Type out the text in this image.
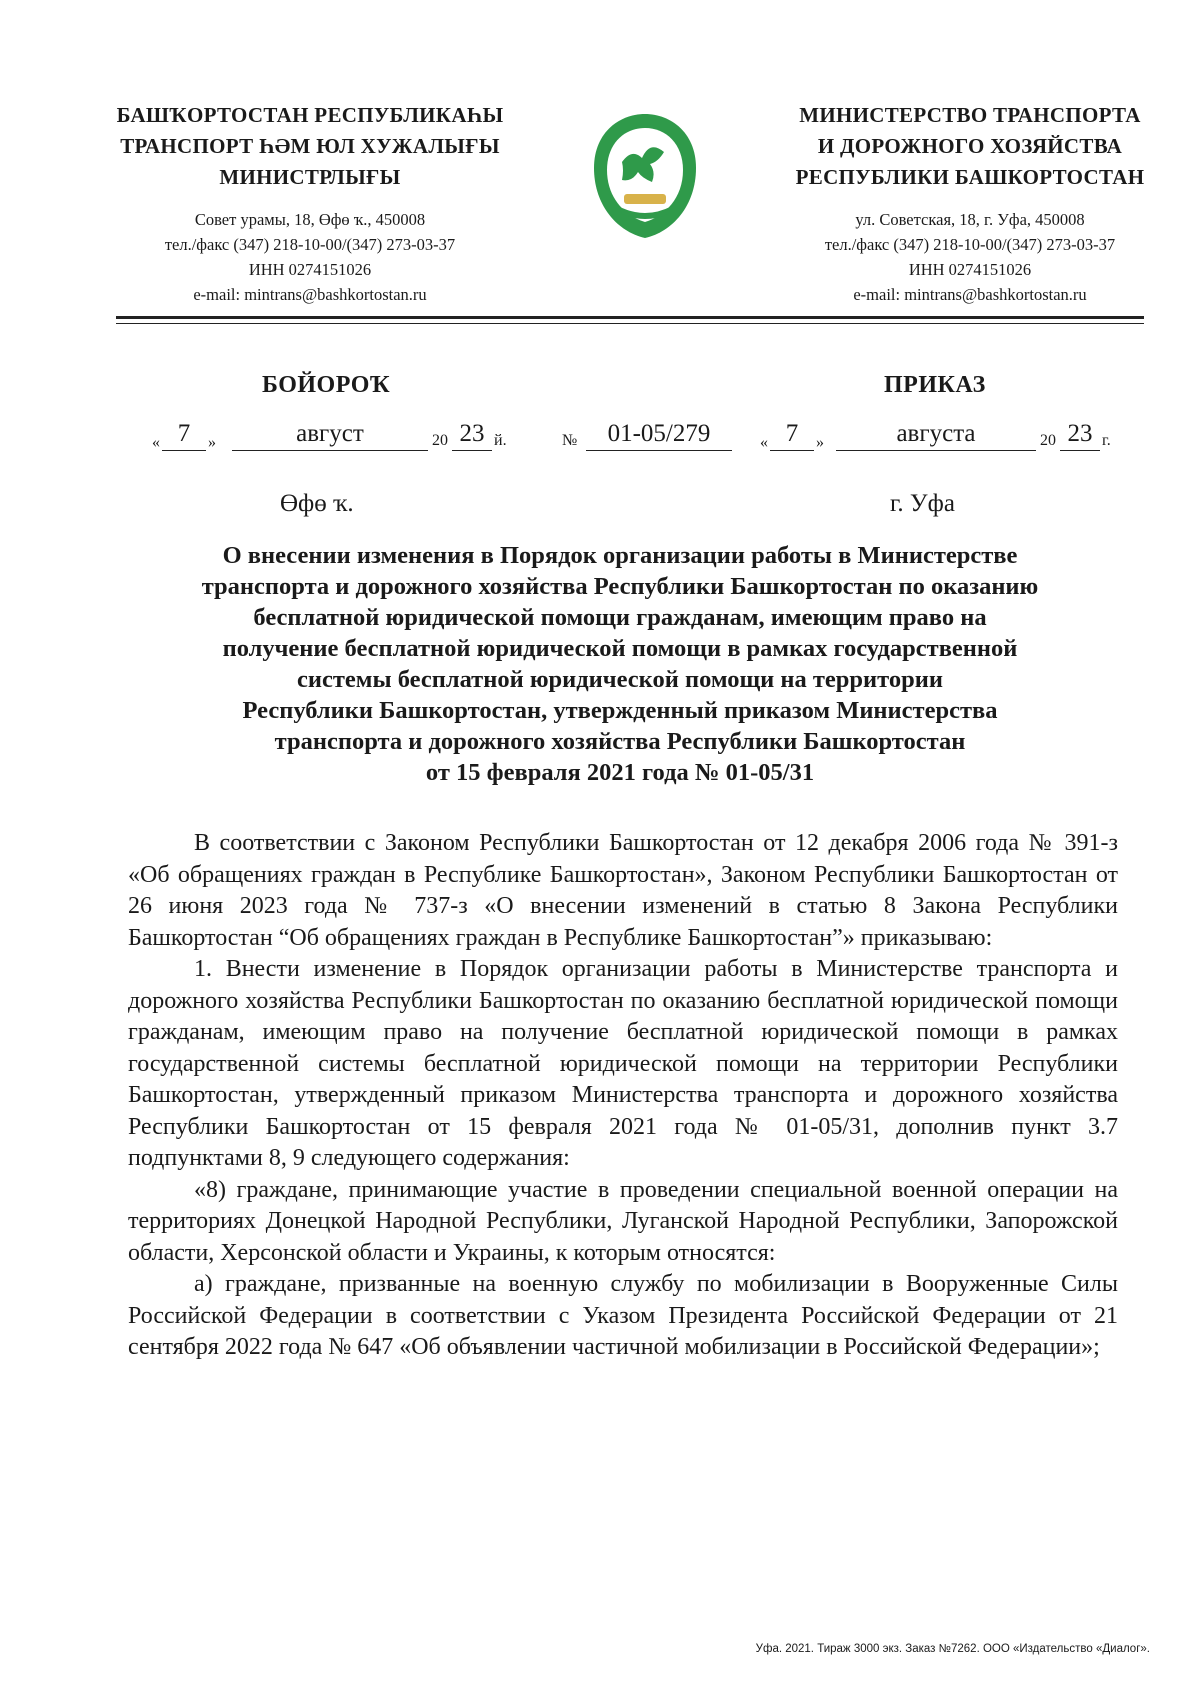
БАШҠОРТОСТАН РЕСПУБЛИКАҺЫ
ТРАНСПОРТ ҺӘМ ЮЛ ХУЖАЛЫҒЫ
МИНИСТРЛЫҒЫ
Совет урамы, 18, Өфө ҡ., 450008
тел./факс (347) 218-10-00/(347) 273-03-37
ИНН 0274151026
e-mail: mintrans@bashkortostan.ru
МИНИСТЕРСТВО ТРАНСПОРТА
И ДОРОЖНОГО ХОЗЯЙСТВА
РЕСПУБЛИКИ БАШКОРТОСТАН
ул. Советская, 18, г. Уфа, 450008
тел./факс (347) 218-10-00/(347) 273-03-37
ИНН 0274151026
e-mail: mintrans@bashkortostan.ru
БОЙОРОҠ	ПРИКАЗ
« 7	»	август	20 23 й.	№	01-05/279	« 7	»	августа	20 23 г.
Өфө ҡ.	г. Уфа
О внесении изменения в Порядок организации работы в Министерстве
транспорта и дорожного хозяйства Республики Башкортостан по оказанию
бесплатной юридической помощи гражданам, имеющим право на
получение бесплатной юридической помощи в рамках государственной
системы бесплатной юридической помощи на территории
Республики Башкортостан, утвержденный приказом Министерства
транспорта и дорожного хозяйства Республики Башкортостан
от 15 февраля 2021 года № 01-05/31

В соответствии с Законом Республики Башкортостан от 12 декабря 2006 года № 391-з «Об обращениях граждан в Республике Башкортостан», Законом Республики Башкортостан от 26 июня 2023 года № 737-з «О внесении изменений в статью 8 Закона Республики Башкортостан “Об обращениях граждан в Республике Башкортостан”» приказываю:

1. Внести изменение в Порядок организации работы в Министерстве транспорта и дорожного хозяйства Республики Башкортостан по оказанию бесплатной юридической помощи гражданам, имеющим право на получение бесплатной юридической помощи в рамках государственной системы бесплатной юридической помощи на территории Республики Башкортостан, утвержденный приказом Министерства транспорта и дорожного хозяйства Республики Башкортостан от 15 февраля 2021 года № 01-05/31, дополнив пункт 3.7 подпунктами 8, 9 следующего содержания:

«8) граждане, принимающие участие в проведении специальной военной операции на территориях Донецкой Народной Республики, Луганской Народной Республики, Запорожской области, Херсонской области и Украины, к которым относятся:

а) граждане, призванные на военную службу по мобилизации в Вооруженные Силы Российской Федерации в соответствии с Указом Президента Российской Федерации от 21 сентября 2022 года № 647 «Об объявлении частичной мобилизации в Российской Федерации»;

Уфа. 2021. Тираж 3000 экз. Заказ №7262. ООО «Издательство «Диалог».
